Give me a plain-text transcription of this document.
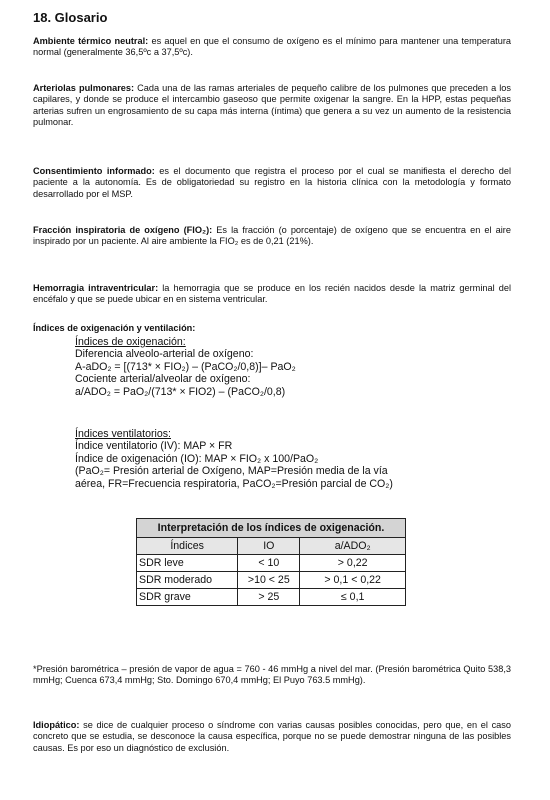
18. Glosario

Ambiente térmico neutral: es aquel en que el consumo de oxígeno es el mínimo para mantener una temperatura normal (generalmente 36,5ºc a 37,5ºc).

Arteriolas pulmonares: Cada una de las ramas arteriales de pequeño calibre de los pulmones que preceden a los capilares, y donde se produce el intercambio gaseoso que permite oxigenar la sangre. En la HPP, estas pequeñas arterias sufren un engrosamiento de su capa más interna (íntima) que genera a su vez un aumento de la resistencia pulmonar.

Consentimiento informado: es el documento que registra el proceso por el cual se manifiesta el derecho del paciente a la autonomía. Es de obligatoriedad su registro en la historia clínica con la metodología y formato desarrollado por el MSP.

Fracción inspiratoria de oxígeno (FIO₂): Es la fracción (o porcentaje) de oxígeno que se encuentra en el aire inspirado por un paciente. Al aire ambiente la FIO₂ es de 0,21 (21%).

Hemorragia intraventricular: la hemorragia que se produce en los recién nacidos desde la matriz germinal del encéfalo y que se puede ubicar en en sistema ventricular.

Índices de oxigenación y ventilación:
Índices de oxigenación:
Diferencia alveolo-arterial de oxígeno:
A-aDO₂ = [(713* × FIO₂) – (PaCO₂/0,8)]– PaO₂
Cociente arterial/alveolar de oxígeno:
a/ADO₂ = PaO₂/(713* × FIO2) – (PaCO₂/0,8)
Índices ventilatorios:
Índice ventilatorio (IV): MAP × FR
Índice de oxigenación (IO): MAP × FIO₂ x 100/PaO₂
(PaO₂= Presión arterial de Oxígeno, MAP=Presión media de la vía
aérea, FR=Frecuencia respiratoria, PaCO₂=Presión parcial de CO₂)
Interpretación de los índices de oxigenación.		
Índices	IO	a/ADO₂
SDR leve	< 10	> 0,22
SDR moderado	>10 < 25	> 0,1 < 0,22
SDR grave	> 25	≤ 0,1

*Presión barométrica – presión de vapor de agua = 760 - 46 mmHg a nivel del mar. (Presión barométrica Quito 538,3 mmHg; Cuenca 673,4 mmHg; Sto. Domingo 670,4 mmHg; El Puyo 763.5 mmHg).

Idiopático: se dice de cualquier proceso o síndrome con varias causas posibles conocidas, pero que, en el caso concreto que se estudia, se desconoce la causa específica, porque no se puede demostrar ninguna de las posibles causas. Es por eso un diagnóstico de exclusión.
